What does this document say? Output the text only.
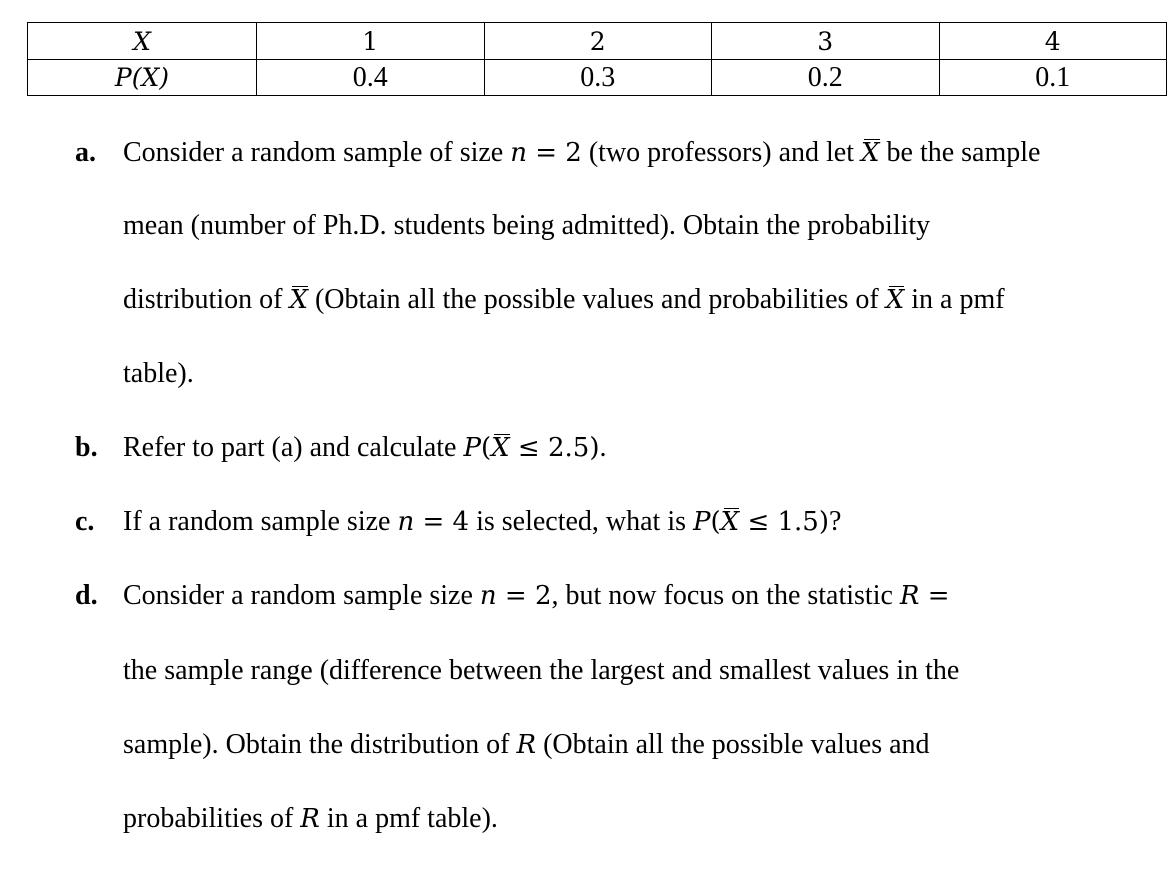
X	1	2	3	4
P(X)	0.4	0.3	0.2	0.1
a. Consider a random sample of size n = 2 (two professors) and let X be the sample
mean (number of Ph.D. students being admitted). Obtain the probability
distribution of X (Obtain all the possible values and probabilities of X in a pmf
table).
b. Refer to part (a) and calculate P(X ≤ 2.5).
c. If a random sample size n = 4 is selected, what is P(X ≤ 1.5)?
d. Consider a random sample size n = 2, but now focus on the statistic R =
the sample range (difference between the largest and smallest values in the
sample). Obtain the distribution of R (Obtain all the possible values and
probabilities of R in a pmf table).
